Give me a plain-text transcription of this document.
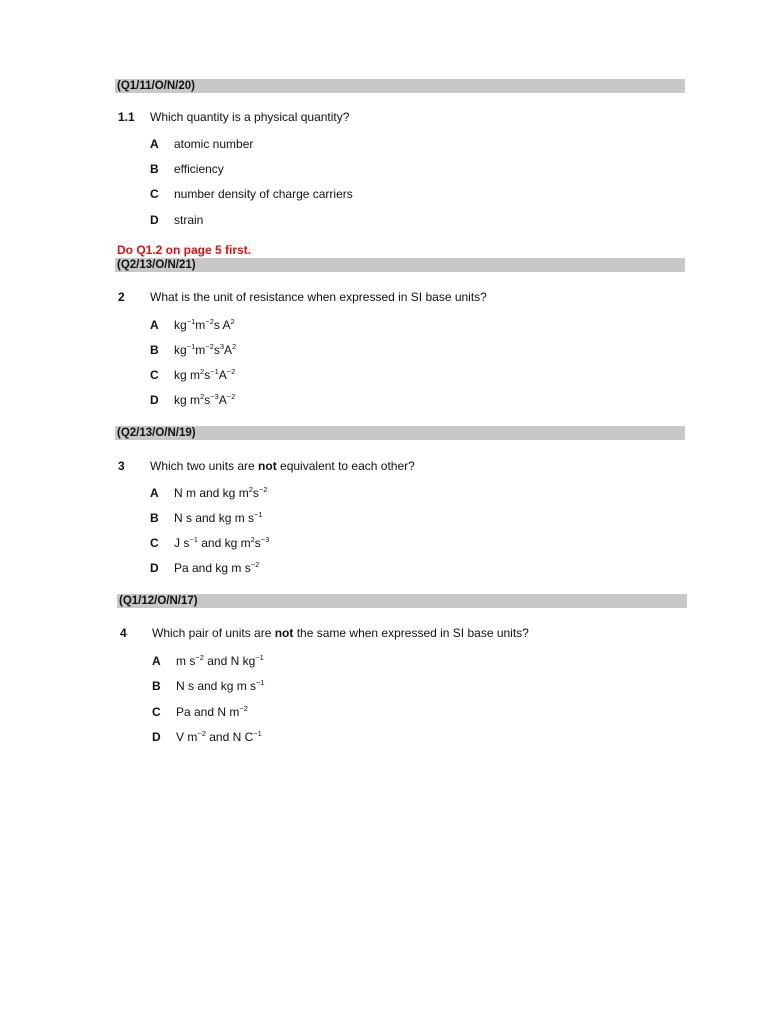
(Q1/11/O/N/20)
1.1 Which quantity is a physical quantity?
A atomic number
B efficiency
C number density of charge carriers
D strain
Do Q1.2 on page 5 first.
(Q2/13/O/N/21)
2 What is the unit of resistance when expressed in SI base units?
A $kg^{-1}m^{-2}s$ $A^2$
B $kg^{-1}m^{-2}s^3A^2$
C kg $m^2s^{-1}A^{-2}$
D kg $m^2s^{-3}A^{-2}$
(Q2/13/O/N/19)
3 Which two units are not equivalent to each other?
A N m and kg $m^2s^{-2}$
B N s and kg m $s^{-1}$
C J $s^{-1}$ and kg $m^2s^{-3}$
D Pa and kg m $s^{-2}$
(Q1/12/O/N/17)
4 Which pair of units are not the same when expressed in SI base units?
A m $s^{-2}$ and N $kg^{-1}$
B N s and kg m $s^{-1}$
C Pa and N $m^{-2}$
D V $m^{-2}$ and N $C^{-1}$
